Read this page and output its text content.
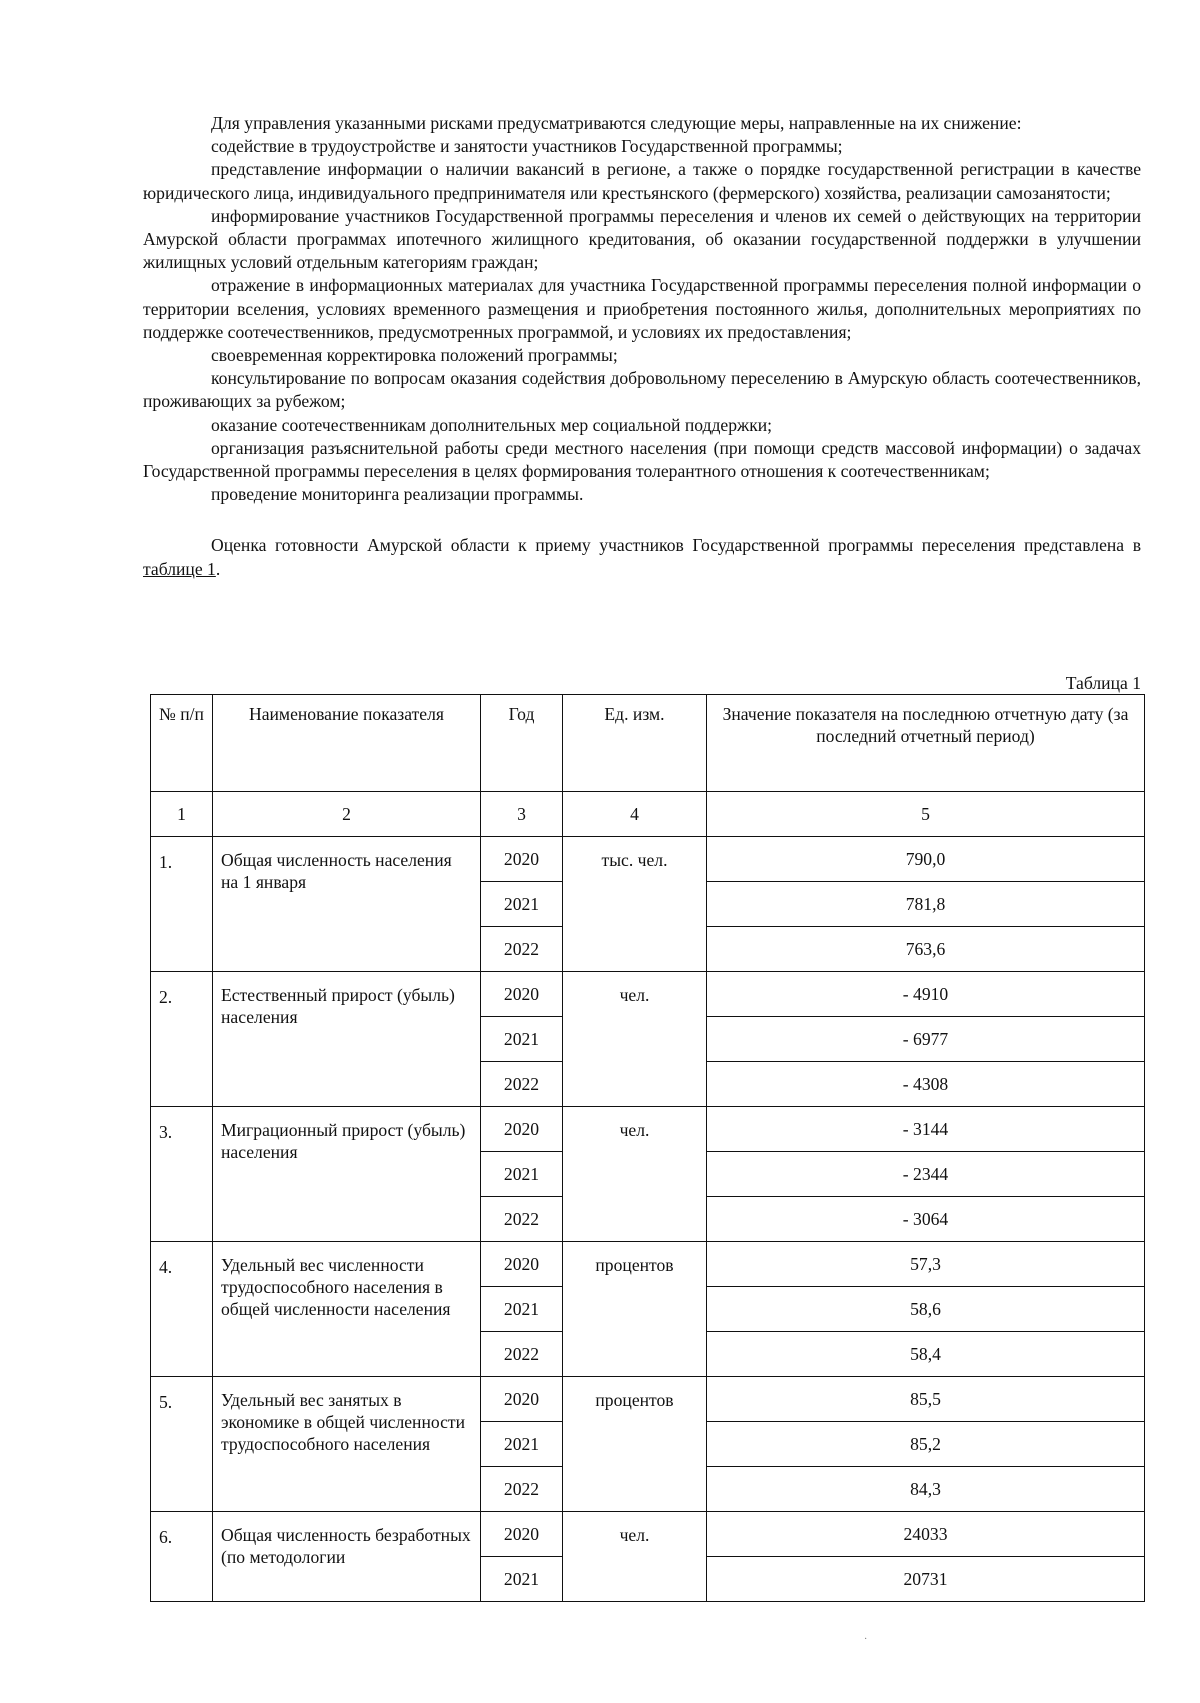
Для управления указанными рисками предусматриваются следующие меры, направленные на их снижение:

содействие в трудоустройстве и занятости участников Государственной программы;

представление информации о наличии вакансий в регионе, а также о порядке государственной регистрации в качестве юридического лица, индивидуального предпринимателя или крестьянского (фермерского) хозяйства, реализации самозанятости;

информирование участников Государственной программы переселения и членов их семей о действующих на территории Амурской области программах ипотечного жилищного кредитования, об оказании государственной поддержки в улучшении жилищных условий отдельным категориям граждан;

отражение в информационных материалах для участника Государственной программы переселения полной информации о территории вселения, условиях временного размещения и приобретения постоянного жилья, дополнительных мероприятиях по поддержке соотечественников, предусмотренных программой, и условиях их предоставления;

своевременная корректировка положений программы;

консультирование по вопросам оказания содействия добровольному переселению в Амурскую область соотечественников, проживающих за рубежом;

оказание соотечественникам дополнительных мер социальной поддержки;

организация разъяснительной работы среди местного населения (при помощи средств массовой информации) о задачах Государственной программы переселения в целях формирования толерантного отношения к соотечественникам;

проведение мониторинга реализации программы.

Оценка готовности Амурской области к приему участников Государственной программы переселения представлена в таблице 1.

Таблица 1
№ п/п	Наименование показателя	Год	Ед. изм.	Значение показателя на последнюю отчетную дату (за последний отчетный период)
1	2	3	4	5
1.	Общая численность населения на 1 января	2020	тыс. чел.	790,0
		2021		781,8
		2022		763,6
2.	Естественный прирост (убыль) населения	2020	чел.	- 4910
		2021		- 6977
		2022		- 4308
3.	Миграционный прирост (убыль) населения	2020	чел.	- 3144
		2021		- 2344
		2022		- 3064
4.	Удельный вес численности трудоспособного населения в общей численности населения	2020	процентов	57,3
		2021		58,6
		2022		58,4
5.	Удельный вес занятых в экономике в общей численности трудоспособного населения	2020	процентов	85,5
		2021		85,2
		2022		84,3
6.	Общая численность безработных (по методологии	2020	чел.	24033
		2021		20731
·
